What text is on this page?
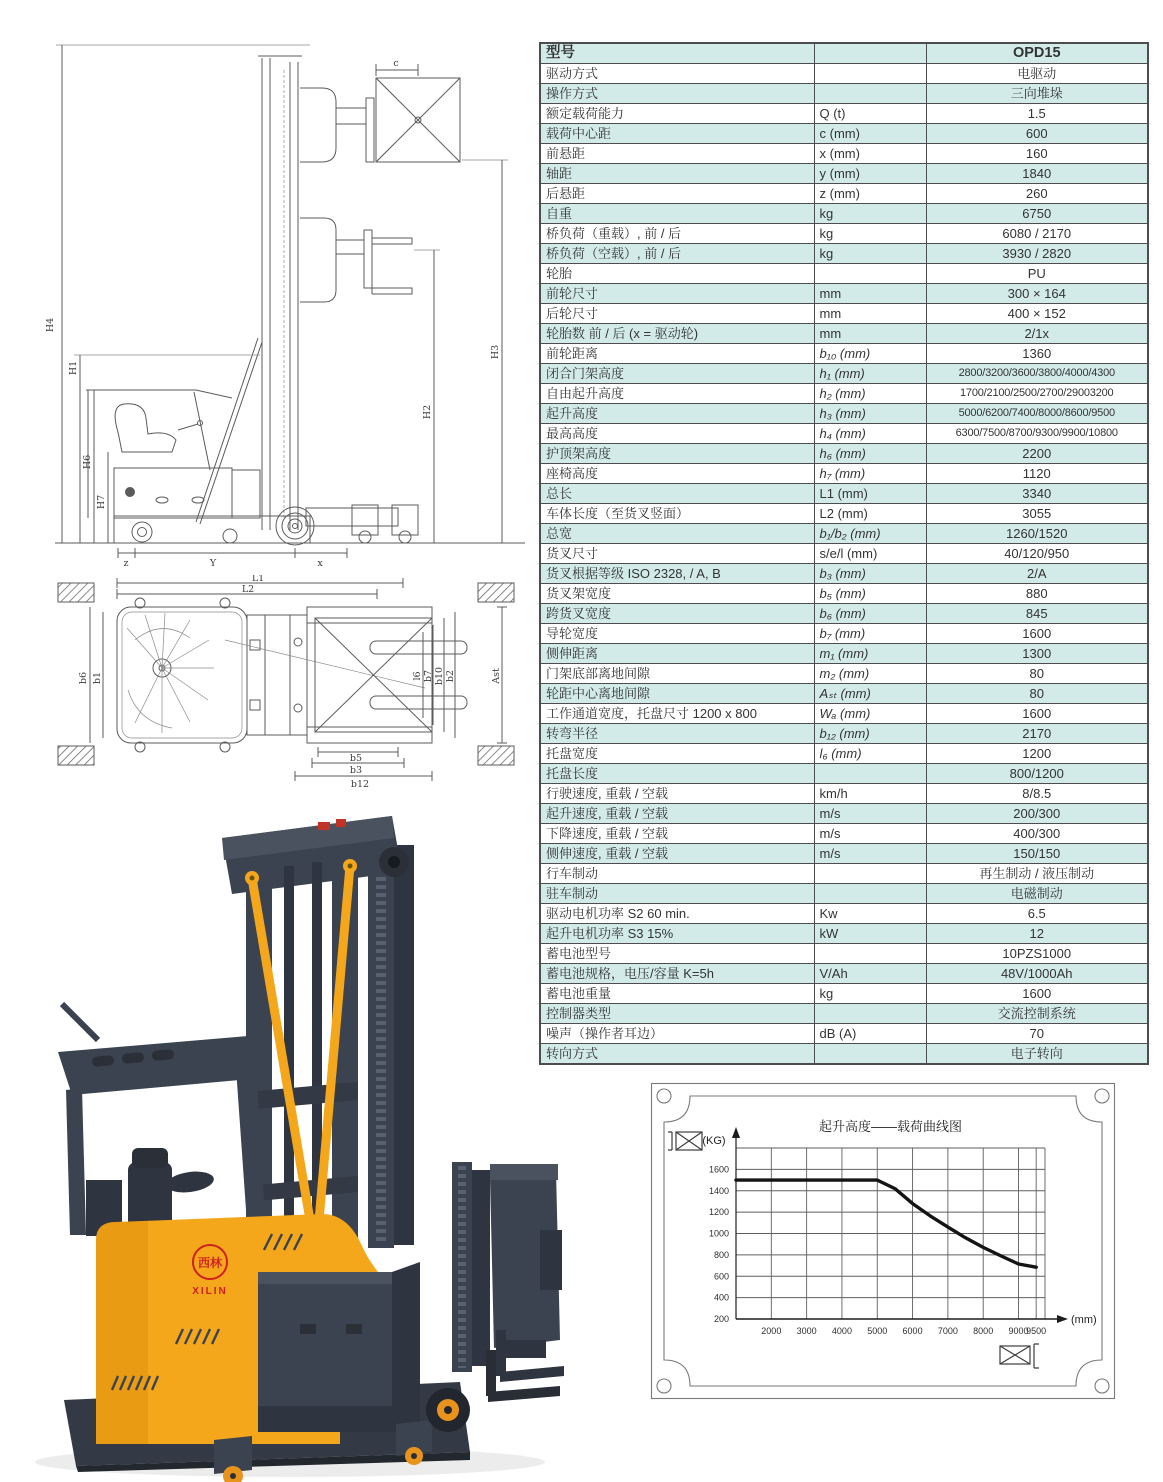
H4
H1
H6
H7
H3
H2
c
z	Y	x
L1
L2
b6 b1	l6 b7 b10 b2	Ast
b5
b3
b12
西林
XILIN
型号		OPD15
驱动方式		电驱动
操作方式		三向堆垛
额定载荷能力	Q (t)	1.5
载荷中心距	c (mm)	600
前悬距	x (mm)	160
轴距	y (mm)	1840
后悬距	z (mm)	260
自重	kg	6750
桥负荷（重载）, 前 / 后	kg	6080 / 2170
桥负荷（空载）, 前 / 后	kg	3930 / 2820
轮胎		PU
前轮尺寸	mm	300 × 164
后轮尺寸	mm	400 × 152
轮胎数 前 / 后 (x = 驱动轮)	mm	2/1x
前轮距离	b₁₀ (mm)	1360
闭合门架高度	h₁ (mm)	2800/3200/3600/3800/4000/4300
自由起升高度	h₂ (mm)	1700/2100/2500/2700/29003200
起升高度	h₃ (mm)	5000/6200/7400/8000/8600/9500
最高高度	h₄ (mm)	6300/7500/8700/9300/9900/10800
护顶架高度	h₆ (mm)	2200
座椅高度	h₇ (mm)	1120
总长	L1 (mm)	3340
车体长度（至货叉竖面）	L2 (mm)	3055
总宽	b₁/b₂ (mm)	1260/1520
货叉尺寸	s/e/l (mm)	40/120/950
货叉根据等级 ISO 2328, / A, B	b₃ (mm)	2/A
货叉架宽度	b₅ (mm)	880
跨货叉宽度	b₆ (mm)	845
导轮宽度	b₇ (mm)	1600
侧伸距离	m₁ (mm)	1300
门架底部离地间隙	m₂ (mm)	80
轮距中心离地间隙	Aₛₜ (mm)	80
工作通道宽度，托盘尺寸 1200 x 800	Wₐ (mm)	1600
转弯半径	b₁₂ (mm)	2170
托盘宽度	l₆ (mm)	1200
托盘长度		800/1200
行驶速度, 重载 / 空载	km/h	8/8.5
起升速度, 重载 / 空载	m/s	200/300
下降速度, 重载 / 空载	m/s	400/300
侧伸速度, 重载 / 空载	m/s	150/150
行车制动		再生制动 / 液压制动
驻车制动		电磁制动
驱动电机功率 S2 60 min.	Kw	6.5
起升电机功率 S3 15%	kW	12
蓄电池型号		10PZS1000
蓄电池规格，电压/容量 K=5h	V/Ah	48V/1000Ah
蓄电池重量	kg	1600
控制器类型		交流控制系统
噪声（操作者耳边）	dB (A)	70
转向方式		电子转向
200
400
600
800
1000
1200
1400
1600
2000 3000 4000 5000 6000 7000 8000 9000
9500
(KG)
(mm)
起升高度——载荷曲线图
